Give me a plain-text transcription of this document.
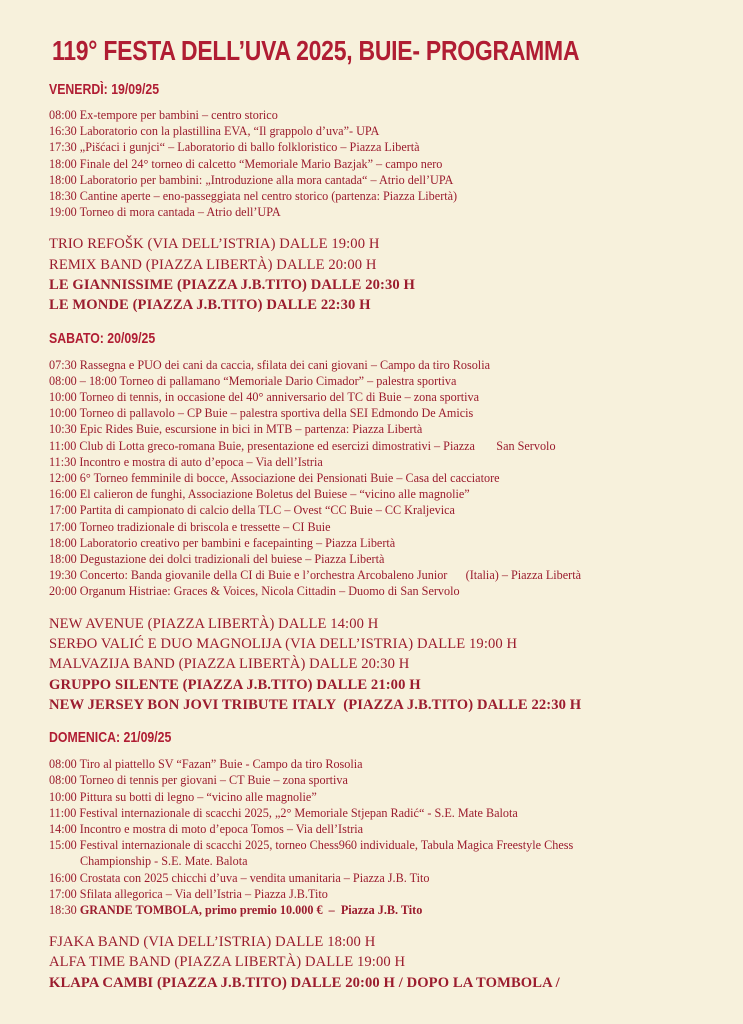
119° FESTA DELL’UVA 2025, BUIE- PROGRAMMA
VENERDÌ: 19/09/25
08:00 Ex-tempore per bambini – centro storico
16:30 Laboratorio con la plastillina EVA, “Il grappolo d’uva”- UPA
17:30 „Pišćaci i gunjci“ – Laboratorio di ballo folkloristico – Piazza Libertà
18:00 Finale del 24° torneo di calcetto “Memoriale Mario Bazjak” – campo nero
18:00 Laboratorio per bambini: „Introduzione alla mora cantada“ – Atrio dell’UPA
18:30 Cantine aperte – eno-passeggiata nel centro storico (partenza: Piazza Libertà)
19:00 Torneo di mora cantada – Atrio dell’UPA
TRIO REFOŠK (VIA DELL’ISTRIA) DALLE 19:00 H
REMIX BAND (PIAZZA LIBERTÀ) DALLE 20:00 H
LE GIANNISSIME (PIAZZA J.B.TITO) DALLE 20:30 H
LE MONDE (PIAZZA J.B.TITO) DALLE 22:30 H
SABATO: 20/09/25
07:30 Rassegna e PUO dei cani da caccia, sfilata dei cani giovani – Campo da tiro Rosolia
08:00 – 18:00 Torneo di pallamano “Memoriale Dario Cimador” – palestra sportiva
10:00 Torneo di tennis, in occasione del 40° anniversario del TC di Buie – zona sportiva
10:00 Torneo di pallavolo – CP Buie – palestra sportiva della SEI Edmondo De Amicis
10:30 Epic Rides Buie, escursione in bici in MTB – partenza: Piazza Libertà
11:00 Club di Lotta greco-romana Buie, presentazione ed esercizi dimostrativi – Piazza       San Servolo
11:30 Incontro e mostra di auto d’epoca – Via dell’Istria
12:00 6° Torneo femminile di bocce, Associazione dei Pensionati Buie – Casa del cacciatore
16:00 El calieron de funghi, Associazione Boletus del Buiese – “vicino alle magnolie”
17:00 Partita di campionato di calcio della TLC – Ovest “CC Buie – CC Kraljevica
17:00 Torneo tradizionale di briscola e tressette – CI Buie
18:00 Laboratorio creativo per bambini e facepainting – Piazza Libertà
18:00 Degustazione dei dolci tradizionali del buiese – Piazza Libertà
19:30 Concerto: Banda giovanile della CI di Buie e l’orchestra Arcobaleno Junior      (Italia) – Piazza Libertà
20:00 Organum Histriae: Graces & Voices, Nicola Cittadin – Duomo di San Servolo
NEW AVENUE (PIAZZA LIBERTÀ) DALLE 14:00 H
SERĐO VALIĆ E DUO MAGNOLIJA (VIA DELL’ISTRIA) DALLE 19:00 H
MALVAZIJA BAND (PIAZZA LIBERTÀ) DALLE 20:30 H
GRUPPO SILENTE (PIAZZA J.B.TITO) DALLE 21:00 H
NEW JERSEY BON JOVI TRIBUTE ITALY  (PIAZZA J.B.TITO) DALLE 22:30 H
DOMENICA: 21/09/25
08:00 Tiro al piattello SV “Fazan” Buie - Campo da tiro Rosolia
08:00 Torneo di tennis per giovani – CT Buie – zona sportiva
10:00 Pittura su botti di legno – “vicino alle magnolie”
11:00 Festival internazionale di scacchi 2025, „2° Memoriale Stjepan Radić“ - S.E. Mate Balota
14:00 Incontro e mostra di moto d’epoca Tomos – Via dell’Istria
15:00 Festival internazionale di scacchi 2025, torneo Chess960 individuale, Tabula Magica Freestyle Chess
Championship - S.E. Mate. Balota
16:00 Crostata con 2025 chicchi d’uva – vendita umanitaria – Piazza J.B. Tito
17:00 Sfilata allegorica – Via dell’Istria – Piazza J.B.Tito
18:30 GRANDE TOMBOLA, primo premio 10.000 €  –  Piazza J.B. Tito
FJAKA BAND (VIA DELL’ISTRIA) DALLE 18:00 H
ALFA TIME BAND (PIAZZA LIBERTÀ) DALLE 19:00 H
KLAPA CAMBI (PIAZZA J.B.TITO) DALLE 20:00 H / DOPO LA TOMBOLA /
